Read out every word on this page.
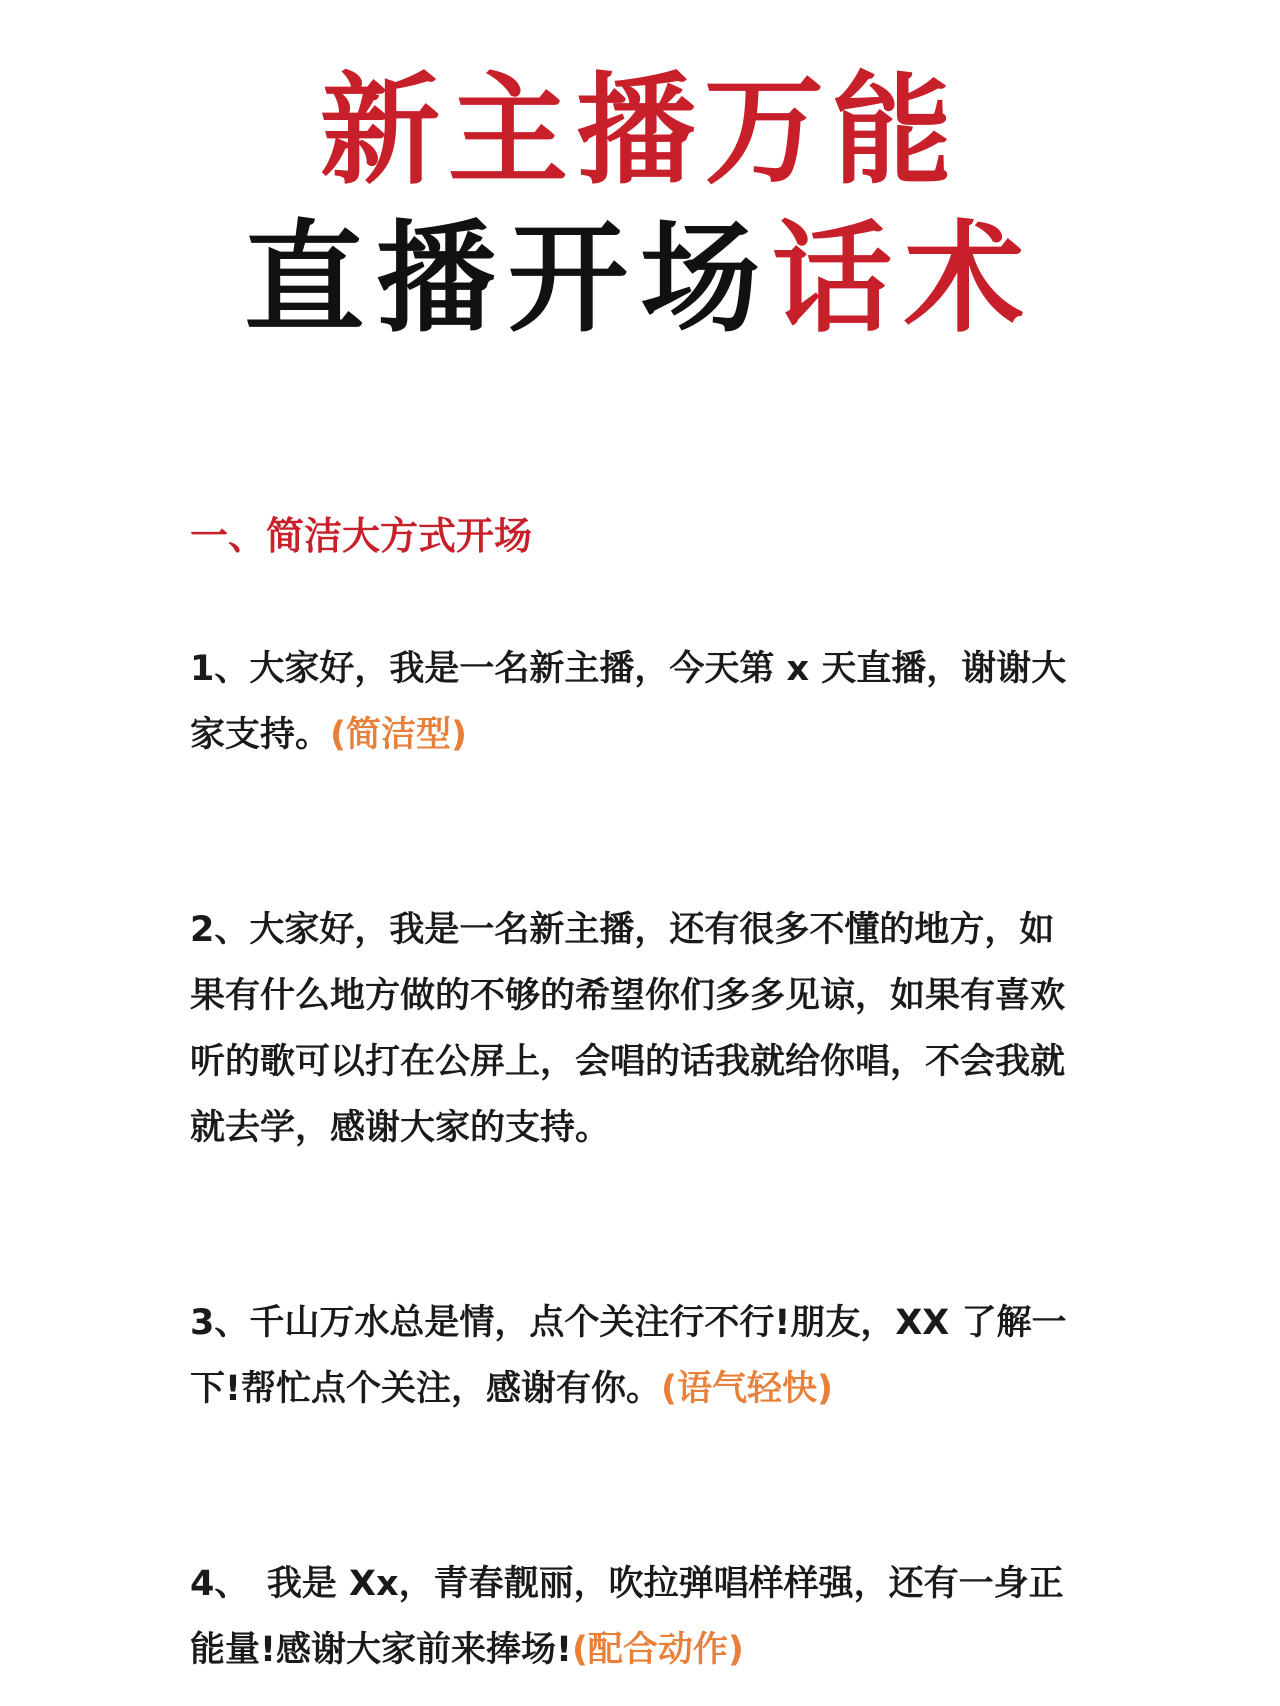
新主播万能
直播开场话术
一、简洁大方式开场

1、大家好，我是一名新主播，今天第 x 天直播，谢谢大家支持。(简洁型)

2、大家好，我是一名新主播，还有很多不懂的地方，如果有什么地方做的不够的希望你们多多见谅，如果有喜欢听的歌可以打在公屏上，会唱的话我就给你唱，不会我就就去学，感谢大家的支持。

3、千山万水总是情，点个关注行不行!朋友，XX 了解一下!帮忙点个关注，感谢有你。(语气轻快)

4、　我是 Xx，青春靓丽，吹拉弹唱样样强，还有一身正能量!感谢大家前来捧场!(配合动作)
